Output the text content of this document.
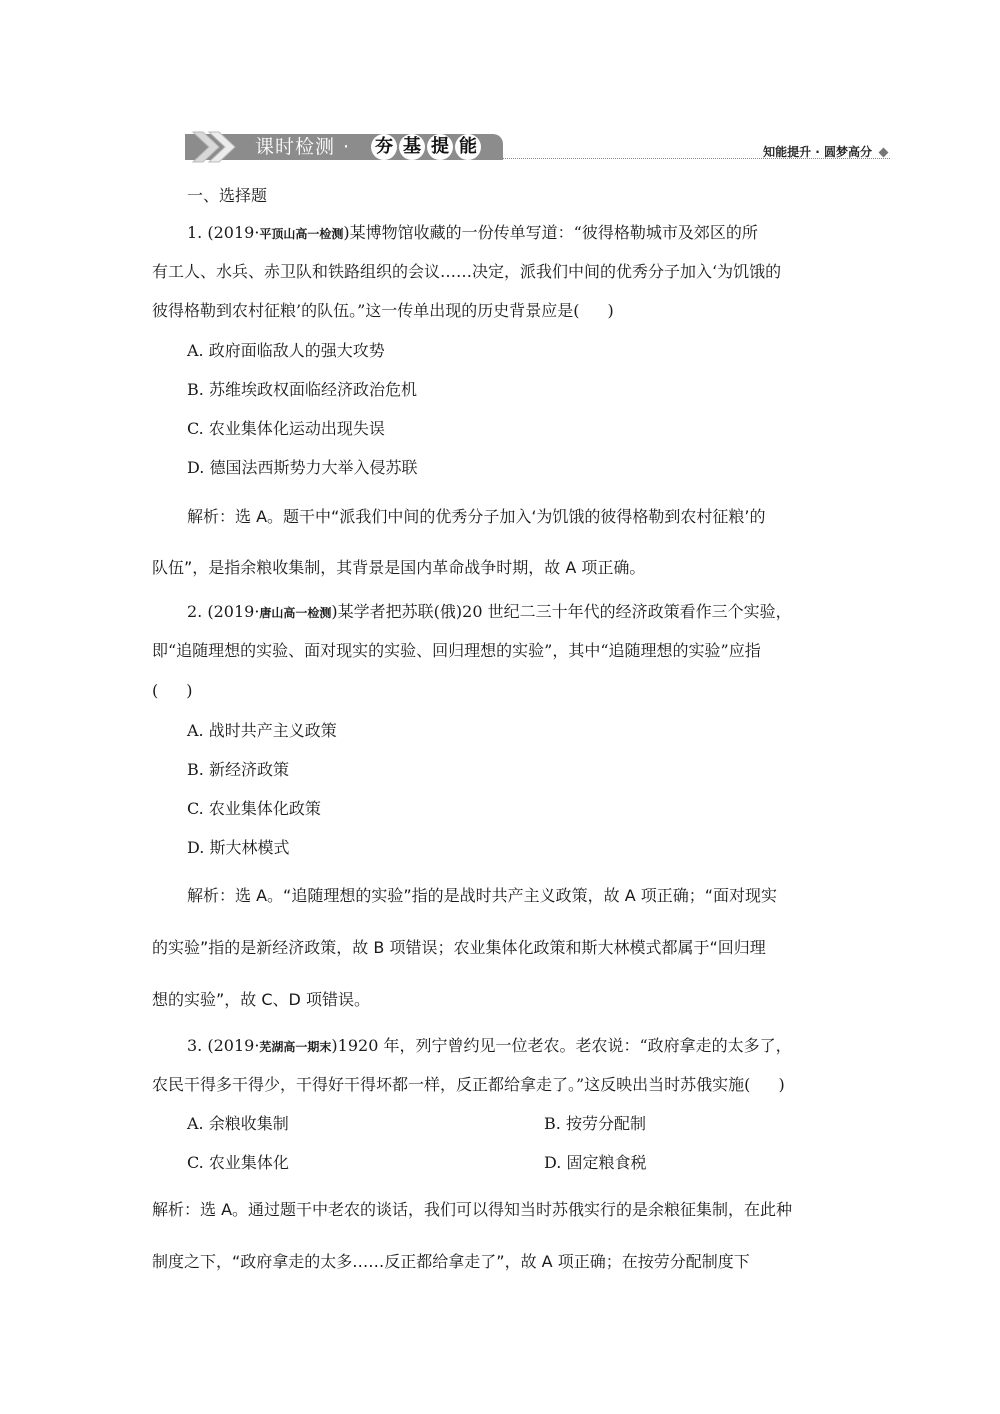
课时检测 ·	夯 基 提 能	知能提升 · 圆梦高分
一、选择题
1. (2019·平顶山高一检测)某博物馆收藏的一份传单写道：“彼得格勒城市及郊区的所
有工人、水兵、赤卫队和铁路组织的会议……决定，派我们中间的优秀分子加入‘为饥饿的
彼得格勒到农村征粮’的队伍。”这一传单出现的历史背景应是( )
A. 政府面临敌人的强大攻势
B. 苏维埃政权面临经济政治危机
C. 农业集体化运动出现失误
D. 德国法西斯势力大举入侵苏联
解析：选 A。题干中“派我们中间的优秀分子加入‘为饥饿的彼得格勒到农村征粮’的
队伍”，是指余粮收集制，其背景是国内革命战争时期，故 A 项正确。
2. (2019·唐山高一检测)某学者把苏联(俄)20 世纪二三十年代的经济政策看作三个实验，
即“追随理想的实验、面对现实的实验、回归理想的实验”，其中“追随理想的实验”应指
( )
A. 战时共产主义政策
B. 新经济政策
C. 农业集体化政策
D. 斯大林模式
解析：选 A。“追随理想的实验”指的是战时共产主义政策，故 A 项正确；“面对现实
的实验”指的是新经济政策，故 B 项错误；农业集体化政策和斯大林模式都属于“回归理
想的实验”，故 C、D 项错误。
3. (2019·芜湖高一期末)1920 年，列宁曾约见一位老农。老农说：“政府拿走的太多了，
农民干得多干得少，干得好干得坏都一样，反正都给拿走了。”这反映出当时苏俄实施( )
A. 余粮收集制	B. 按劳分配制
C. 农业集体化	D. 固定粮食税
解析：选 A。通过题干中老农的谈话，我们可以得知当时苏俄实行的是余粮征集制，在此种
制度之下，“政府拿走的太多……反正都给拿走了”，故 A 项正确；在按劳分配制度下
